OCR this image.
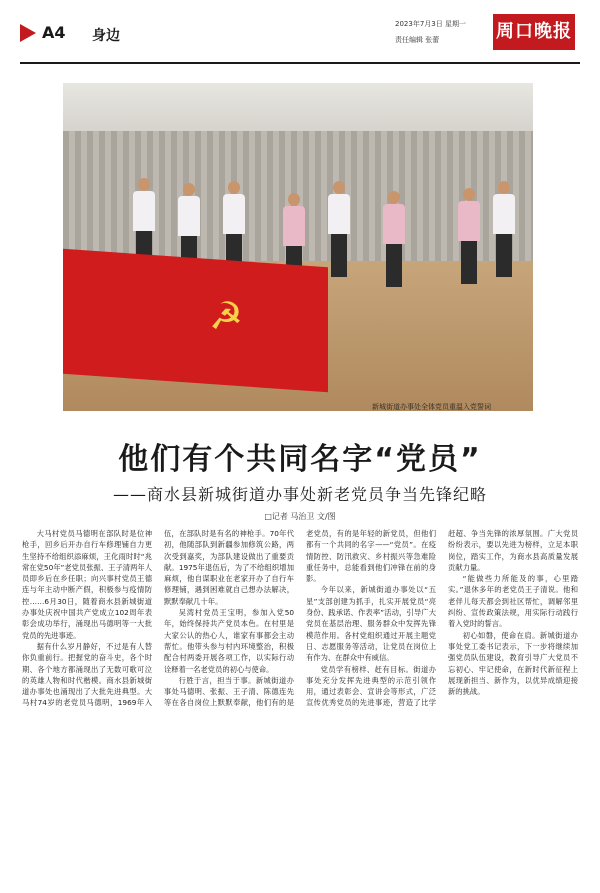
A4 身边
2023年7月3日 星期一
责任编辑 张蕾	周口晚报
☭
新城街道办事处全体党员重温入党誓词
他们有个共同名字“党员”
——商水县新城街道办事处新老党员争当先锋纪略
□记者 马治卫 文/图

大马村党员马德明在部队时是位神枪手，回乡后开办自行车修理铺自力更生坚持不给组织添麻烦，王化雨时时“兆常在党50年”老党员张振、王子清两年人员即乡后在乡任职；向兴事村党员王德连与年主动中断产假，积极参与疫情防控……6月30日，随着商水县新城街道办事处庆祝中国共产党成立102周年表彰会成功举行，涌现出马德明等一大批党员的先进事迹。

据有什么岁月静好，不过是有人替你负重前行。把握党的奋斗史，各个时期、各个地方都涌现出了无数可歌可泣的英雄人物和时代楷模。商水县新城街道办事处也涌现出了大批先进典型。大马村74岁的老党员马德明，1969年入伍，在部队时是有名的神枪手。70年代初，他随部队到新疆参加修筑公路，两次受到嘉奖，为部队建设做出了重要贡献。1975年退伍后，为了不给组织增加麻烦，他自谋职业在老家开办了自行车修理铺，遇到困难就自己想办法解决，默默奉献几十年。

吴湾村党员王宝明，参加入党50年，始终保持共产党员本色。在村里是大家公认的热心人，谁家有事都会主动帮忙。他带头参与村内环境整治，积极配合村两委开展各项工作，以实际行动诠释着一名老党员的初心与使命。

行胜于言，担当于事。新城街道办事处马德明、张振、王子清、陈德连先等在各自岗位上默默奉献，他们有的是老党员，有的是年轻的新党员，但他们都有一个共同的名字——“党员”。在疫情防控、防汛救灾、乡村振兴等急难险重任务中，总能看到他们冲锋在前的身影。

今年以来，新城街道办事处以“五星”支部创建为抓手，扎实开展党员“亮身份、践承诺、作表率”活动，引导广大党员在基层治理、服务群众中发挥先锋模范作用。各村党组织通过开展主题党日、志愿服务等活动，让党员在岗位上有作为、在群众中有威信。

党员学有榜样、赶有目标。街道办事处充分发挥先进典型的示范引领作用，通过表彰会、宣讲会等形式，广泛宣传优秀党员的先进事迹，营造了比学赶超、争当先锋的浓厚氛围。广大党员纷纷表示，要以先进为榜样，立足本职岗位，踏实工作，为商水县高质量发展贡献力量。

“能做些力所能及的事，心里踏实。”退休多年的老党员王子清说。他和老伴儿每天都会到社区帮忙，调解邻里纠纷、宣传政策法规，用实际行动践行着入党时的誓言。

初心如磐，使命在肩。新城街道办事处党工委书记表示，下一步将继续加强党员队伍建设，教育引导广大党员不忘初心、牢记使命，在新时代新征程上展现新担当、新作为，以优异成绩迎接新的挑战。
